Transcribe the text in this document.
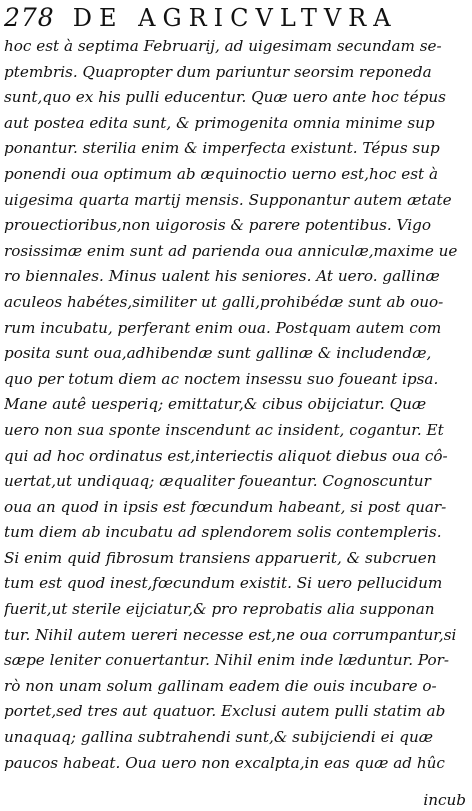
278 DE AGRICVLTVRA
hoc est à septima Februarij, ad uigesimam secundam se-
ptembris. Quapropter dum pariuntur seorsim reponeda
sunt,quo ex his pulli educentur. Quæ uero ante hoc tépus
aut postea edita sunt, & primogenita omnia minime sup
ponantur. sterilia enim & imperfecta existunt. Tépus sup
ponendi oua optimum ab æquinoctio uerno est,hoc est à
uigesima quarta martij mensis. Supponantur autem ætate
prouectioribus,non uigorosis & parere potentibus. Vigo
rosissimæ enim sunt ad parienda oua anniculæ,maxime ue
ro biennales. Minus ualent his seniores. At uero. gallinæ
aculeos habétes,similiter ut galli,prohibédæ sunt ab ouo-
rum incubatu, perferant enim oua. Postquam autem com
posita sunt oua,adhibendæ sunt gallinæ & includendæ,
quo per totum diem ac noctem insessu suo foueant ipsa.
Mane autê uesperiq; emittatur,& cibus obijciatur. Quæ
uero non sua sponte inscendunt ac insident, cogantur. Et
qui ad hoc ordinatus est,interiectis aliquot diebus oua cô-
uertat,ut undiquaq; æqualiter foueantur. Cognoscuntur
oua an quod in ipsis est fœcundum habeant, si post quar-
tum diem ab incubatu ad splendorem solis contempleris.
Si enim quid fibrosum transiens apparuerit, & subcruen
tum est quod inest,fœcundum existit. Si uero pellucidum
fuerit,ut sterile eijciatur,& pro reprobatis alia supponan
tur. Nihil autem uereri necesse est,ne oua corrumpantur,si
sæpe leniter conuertantur. Nihil enim inde læduntur. Por-
rò non unam solum gallinam eadem die ouis incubare o-
portet,sed tres aut quatuor. Exclusi autem pulli statim ab
unaquaq; gallina subtrahendi sunt,& subijciendi ei quæ
paucos habeat. Oua uero non excalpta,in eas quæ ad hûc
incub
